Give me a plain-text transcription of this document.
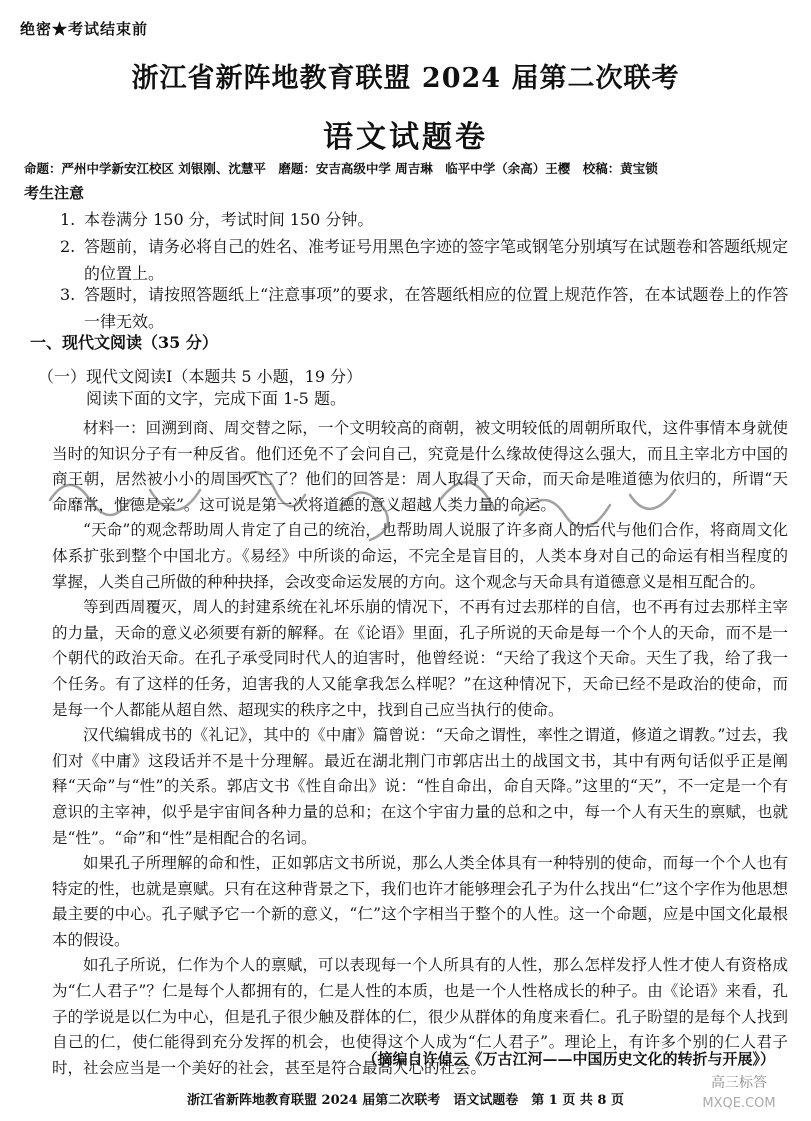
绝密★考试结束前
浙江省新阵地教育联盟 2024 届第二次联考
语文试题卷
命题：严州中学新安江校区 刘银刚、沈慧平　磨题：安吉高级中学 周吉琳　临平中学（余高）王樱　校稿：黄宝锁
考生注意
1. 本卷满分 150 分，考试时间 150 分钟。
2. 答题前，请务必将自己的姓名、准考证号用黑色字迹的签字笔或钢笔分别填写在试题卷和答题纸规定的位置上。
3. 答题时，请按照答题纸上“注意事项”的要求，在答题纸相应的位置上规范作答，在本试题卷上的作答一律无效。
一、现代文阅读（35 分）
（一）现代文阅读Ⅰ（本题共 5 小题，19 分）
阅读下面的文字，完成下面 1-5 题。

材料一：回溯到商、周交替之际，一个文明较高的商朝，被文明较低的周朝所取代，这件事情本身就使当时的知识分子有一种反省。他们还免不了会问自己，究竟是什么缘故使得这么强大，而且主宰北方中国的商王朝，居然被小小的周国灭亡了？他们的回答是：周人取得了天命，而天命是唯道德为依归的，所谓“天命靡常，惟德是亲”。这可说是第一次将道德的意义超越人类力量的命运。

“天命”的观念帮助周人肯定了自己的统治，也帮助周人说服了许多商人的后代与他们合作，将商周文化体系扩张到整个中国北方。《易经》中所谈的命运，不完全是盲目的，人类本身对自己的命运有相当程度的掌握，人类自己所做的种种抉择，会改变命运发展的方向。这个观念与天命具有道德意义是相互配合的。

等到西周覆灭，周人的封建系统在礼坏乐崩的情况下，不再有过去那样的自信，也不再有过去那样主宰的力量，天命的意义必须要有新的解释。在《论语》里面，孔子所说的天命是每一个个人的天命，而不是一个朝代的政治天命。在孔子承受同时代人的迫害时，他曾经说：“天给了我这个天命。天生了我，给了我一个任务。有了这样的任务，迫害我的人又能拿我怎么样呢？”在这种情况下，天命已经不是政治的使命，而是每一个人都能从超自然、超现实的秩序之中，找到自己应当执行的使命。

汉代编辑成书的《礼记》，其中的《中庸》篇曾说：“天命之谓性，率性之谓道，修道之谓教。”过去，我们对《中庸》这段话并不是十分理解。最近在湖北荆门市郭店出土的战国文书，其中有两句话似乎正是阐释“天命”与“性”的关系。郭店文书《性自命出》说：“性自命出，命自天降。”这里的“天”，不一定是一个有意识的主宰神，似乎是宇宙间各种力量的总和；在这个宇宙力量的总和之中，每一个人有天生的禀赋，也就是“性”。“命”和“性”是相配合的名词。

如果孔子所理解的命和性，正如郭店文书所说，那么人类全体具有一种特别的使命，而每一个个人也有特定的性，也就是禀赋。只有在这种背景之下，我们也许才能够理会孔子为什么找出“仁”这个字作为他思想最主要的中心。孔子赋予它一个新的意义，“仁”这个字相当于整个的人性。这一个命题，应是中国文化最根本的假设。

如孔子所说，仁作为个人的禀赋，可以表现每一个人所具有的人性，那么怎样发抒人性才使人有资格成为“仁人君子”？仁是每个人都拥有的，仁是人性的本质，也是一个人性格成长的种子。由《论语》来看，孔子的学说是以仁为中心，但是孔子很少触及群体的仁，很少从群体的角度来看仁。孔子盼望的是每个人找到自己的仁，使仁能得到充分发挥的机会，也使得这个人成为“仁人君子”。理论上，有许多个别的仁人君子时，社会应当是一个美好的社会，甚至是符合最高人心的社会。

（摘编自许倬云《万古江河——中国历史文化的转折与开展》）
浙江省新阵地教育联盟 2024 届第二次联考　语文试题卷　第 1 页 共 8 页
高三标答
MXQE.COM
